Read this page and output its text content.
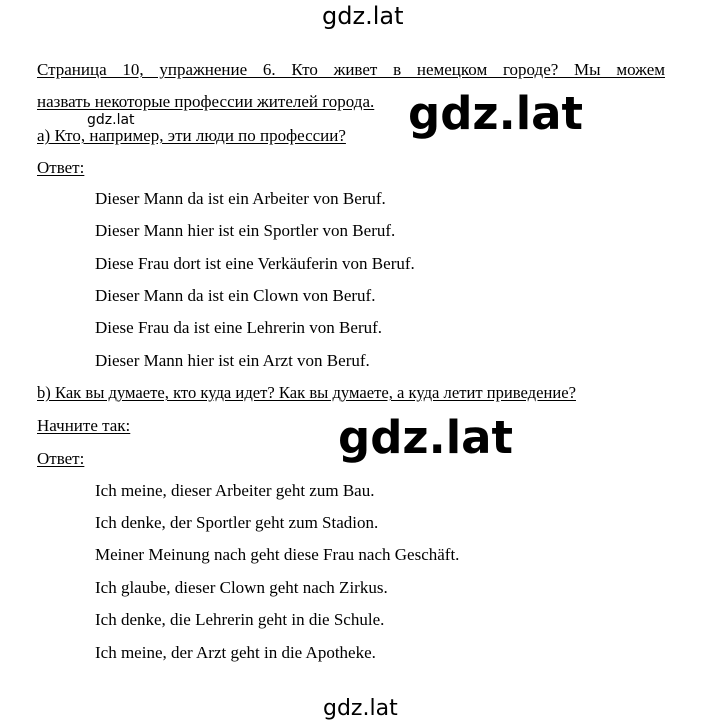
gdz.lat
Страница 10, упражнение 6. Кто живет в немецком городе? Мы можем
назвать некоторые профессии жителей города.
gdz.lat
а) Кто, например, эти люди по профессии? gdz.lat
Ответ:
Dieser Mann da ist ein Arbeiter von Beruf.
Dieser Mann hier ist ein Sportler von Beruf.
Diese Frau dort ist eine Verkäuferin von Beruf.
Dieser Mann da ist ein Clown von Beruf.
Diese Frau da ist eine Lehrerin von Beruf.
Dieser Mann hier ist ein Arzt von Beruf.
b) Как вы думаете, кто куда идет? Как вы думаете, а куда летит приведение?
Начните так:	gdz.lat
Ответ:
Ich meine, dieser Arbeiter geht zum Bau.
Ich denke, der Sportler geht zum Stadion.
Meiner Meinung nach geht diese Frau nach Geschäft.
Ich glaube, dieser Clown geht nach Zirkus.
Ich denke, die Lehrerin geht in die Schule.
Ich meine, der Arzt geht in die Apotheke.
gdz.lat
